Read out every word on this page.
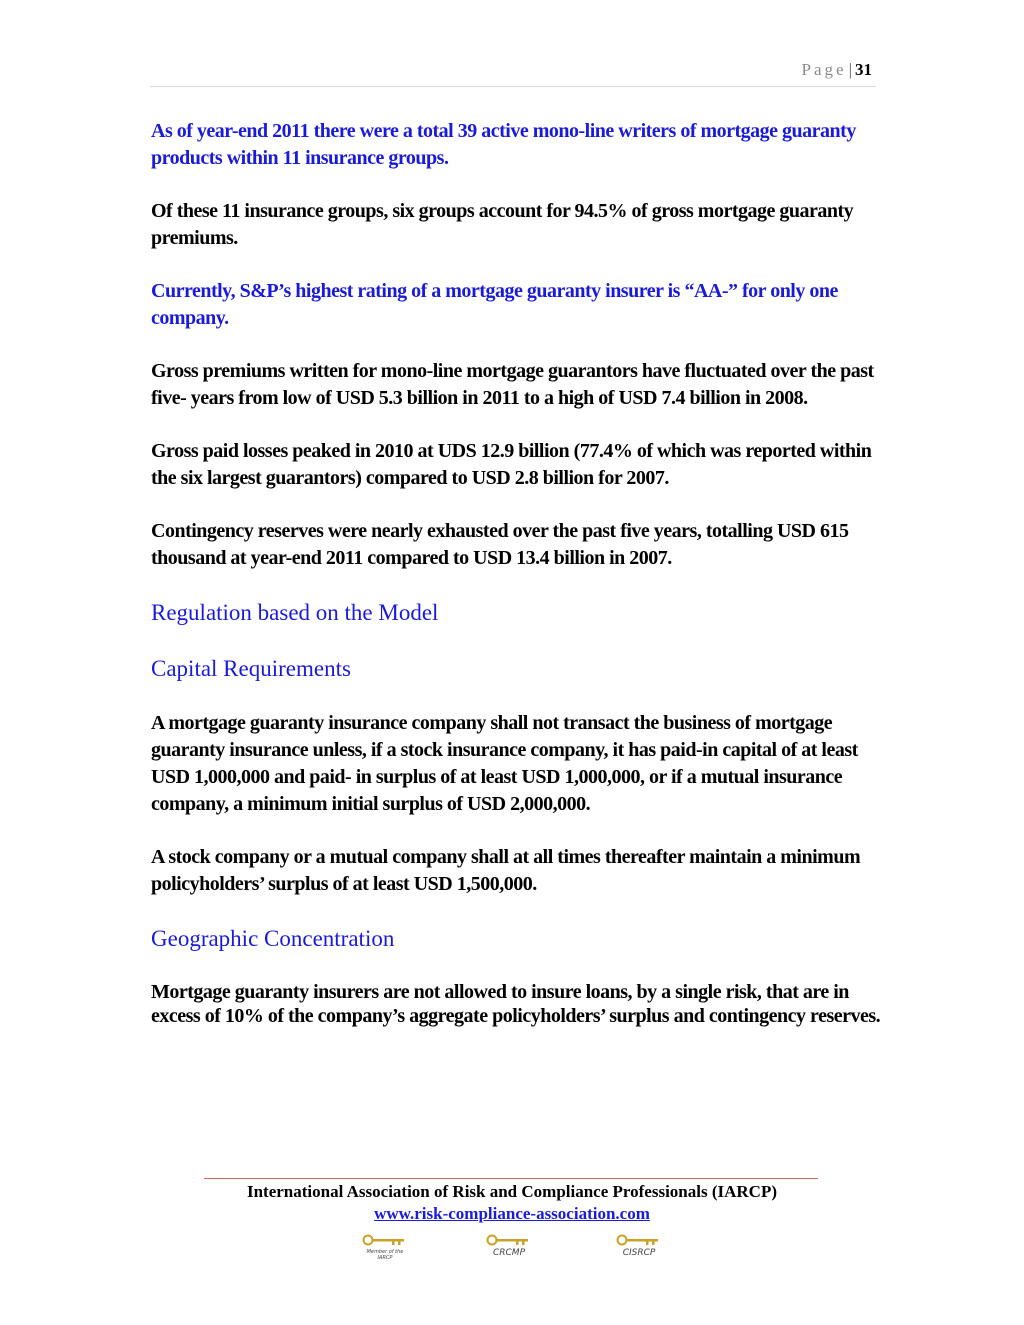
Page | 31

As of year-end 2011 there were a total 39 active mono-line writers of mortgage guaranty products within 11 insurance groups.

Of these 11 insurance groups, six groups account for 94.5% of gross mortgage guaranty premiums.

Currently, S&P’s highest rating of a mortgage guaranty insurer is “AA-” for only one company.

Gross premiums written for mono-line mortgage guarantors have fluctuated over the past five- years from low of USD 5.3 billion in 2011 to a high of USD 7.4 billion in 2008.

Gross paid losses peaked in 2010 at UDS 12.9 billion (77.4% of which was reported within the six largest guarantors) compared to USD 2.8 billion for 2007.

Contingency reserves were nearly exhausted over the past five years, totalling USD 615 thousand at year-end 2011 compared to USD 13.4 billion in 2007.

Regulation based on the Model
Capital Requirements

A mortgage guaranty insurance company shall not transact the business of mortgage guaranty insurance unless, if a stock insurance company, it has paid-in capital of at least USD 1,000,000 and paid- in surplus of at least USD 1,000,000, or if a mutual insurance company, a minimum initial surplus of USD 2,000,000.

A stock company or a mutual company shall at all times thereafter maintain a minimum policyholders’ surplus of at least USD 1,500,000.

Geographic Concentration

Mortgage guaranty insurers are not allowed to insure loans, by a single risk, that are in excess of 10% of the company’s aggregate policyholders’ surplus and contingency reserves.

International Association of Risk and Compliance Professionals (IARCP)
www.risk-compliance-association.com
Member of the IARCP	CRCMP	CISRCP
